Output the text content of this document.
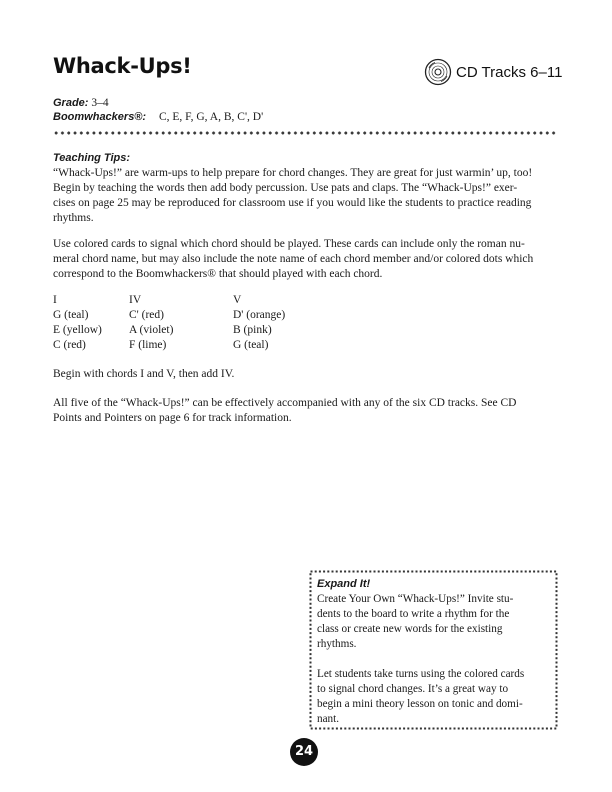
Whack-Ups!	CD Tracks 6–11
Grade: 3–4
Boomwhackers®: C, E, F, G, A, B, C', D'
Teaching Tips:

“Whack-Ups!” are warm-ups to help prepare for chord changes. They are great for just warmin’ up, too!

Begin by teaching the words then add body percussion. Use pats and claps. The “Whack-Ups!” exer-

cises on page 25 may be reproduced for classroom use if you would like the students to practice reading

rhythms.

Use colored cards to signal which chord should be played. These cards can include only the roman nu-

meral chord name, but may also include the note name of each chord member and/or colored dots which

correspond to the Boomwhackers® that should played with each chord.

I
G (teal)
E (yellow)
C (red)
IV
C' (red)
A (violet)
F (lime)
V
D' (orange)
B (pink)
G (teal)

Begin with chords I and V, then add IV.

All five of the “Whack-Ups!” can be effectively accompanied with any of the six CD tracks. See CD

Points and Pointers on page 6 for track information.

Expand It!

Create Your Own “Whack-Ups!” Invite stu-

dents to the board to write a rhythm for the

class or create new words for the existing

rhythms.

Let students take turns using the colored cards

to signal chord changes. It’s a great way to

begin a mini theory lesson on tonic and domi-

nant.

24
